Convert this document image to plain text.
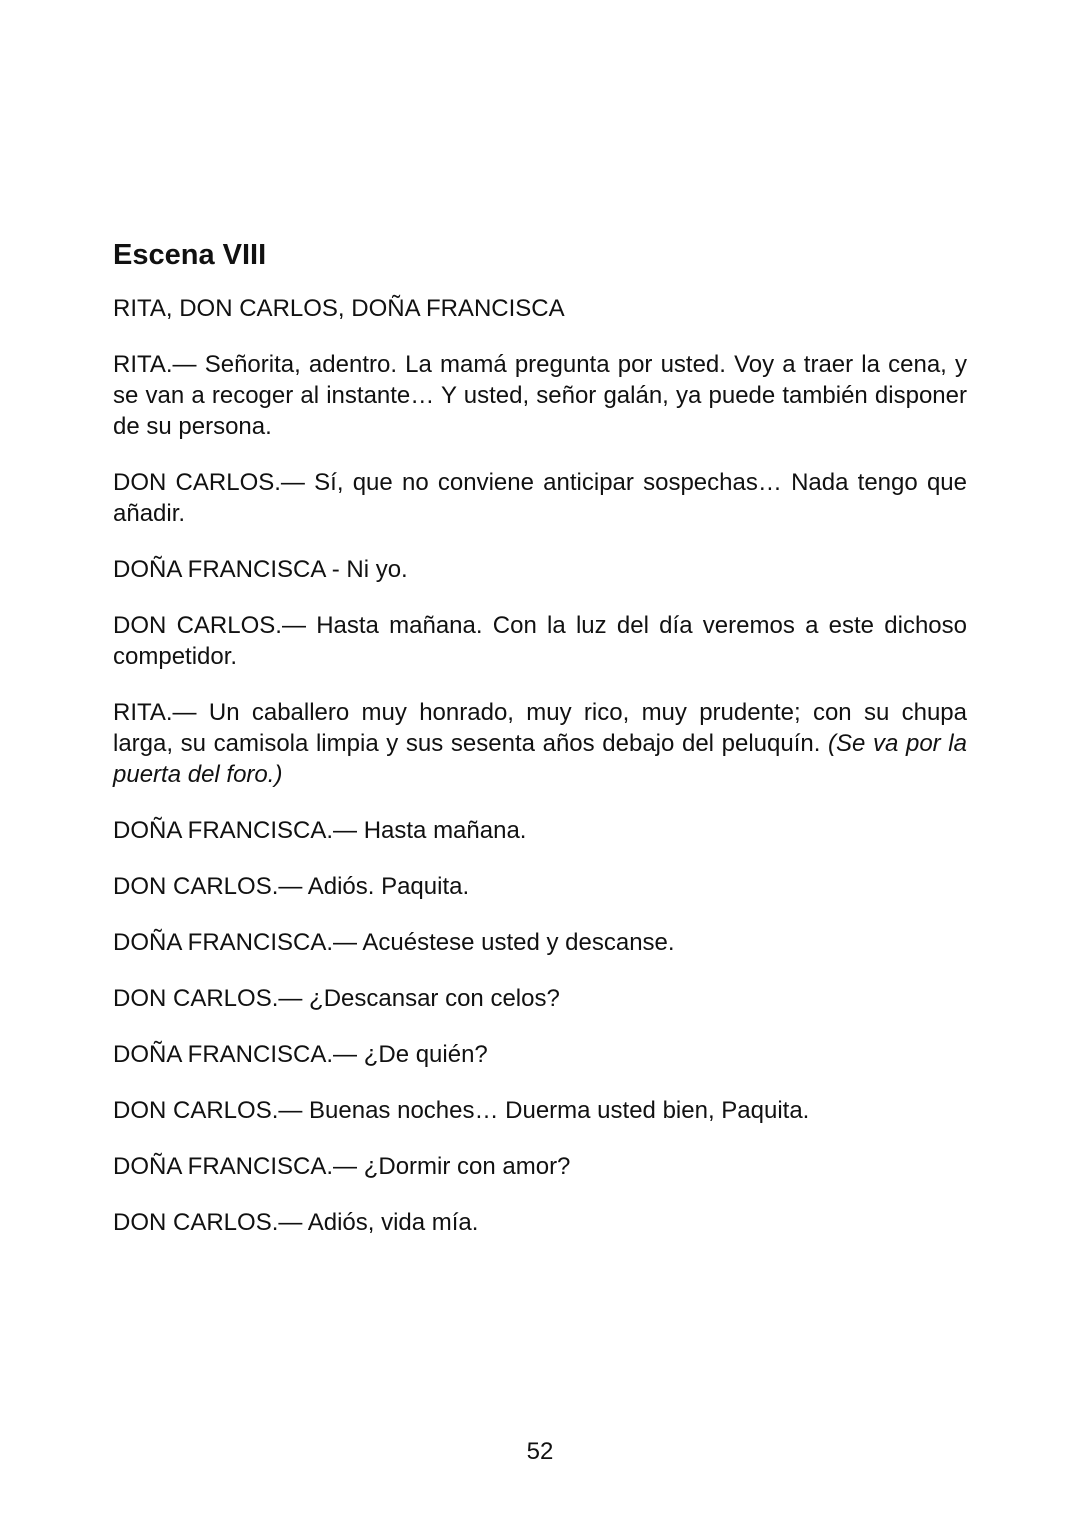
Escena VIII

RITA, DON CARLOS, DOÑA FRANCISCA

RITA.— Señorita, adentro. La mamá pregunta por usted. Voy a traer la cena, y se van a recoger al instante… Y usted, señor galán, ya puede también disponer de su persona.

DON CARLOS.— Sí, que no conviene anticipar sospechas… Nada tengo que añadir.

DOÑA FRANCISCA - Ni yo.

DON CARLOS.— Hasta mañana. Con la luz del día veremos a este dichoso competidor.

RITA.— Un caballero muy honrado, muy rico, muy prudente; con su chupa larga, su camisola limpia y sus sesenta años debajo del peluquín. (Se va por la puerta del foro.)

DOÑA FRANCISCA.— Hasta mañana.

DON CARLOS.— Adiós. Paquita.

DOÑA FRANCISCA.— Acuéstese usted y descanse.

DON CARLOS.— ¿Descansar con celos?

DOÑA FRANCISCA.— ¿De quién?

DON CARLOS.— Buenas noches… Duerma usted bien, Paquita.

DOÑA FRANCISCA.— ¿Dormir con amor?

DON CARLOS.— Adiós, vida mía.

52
